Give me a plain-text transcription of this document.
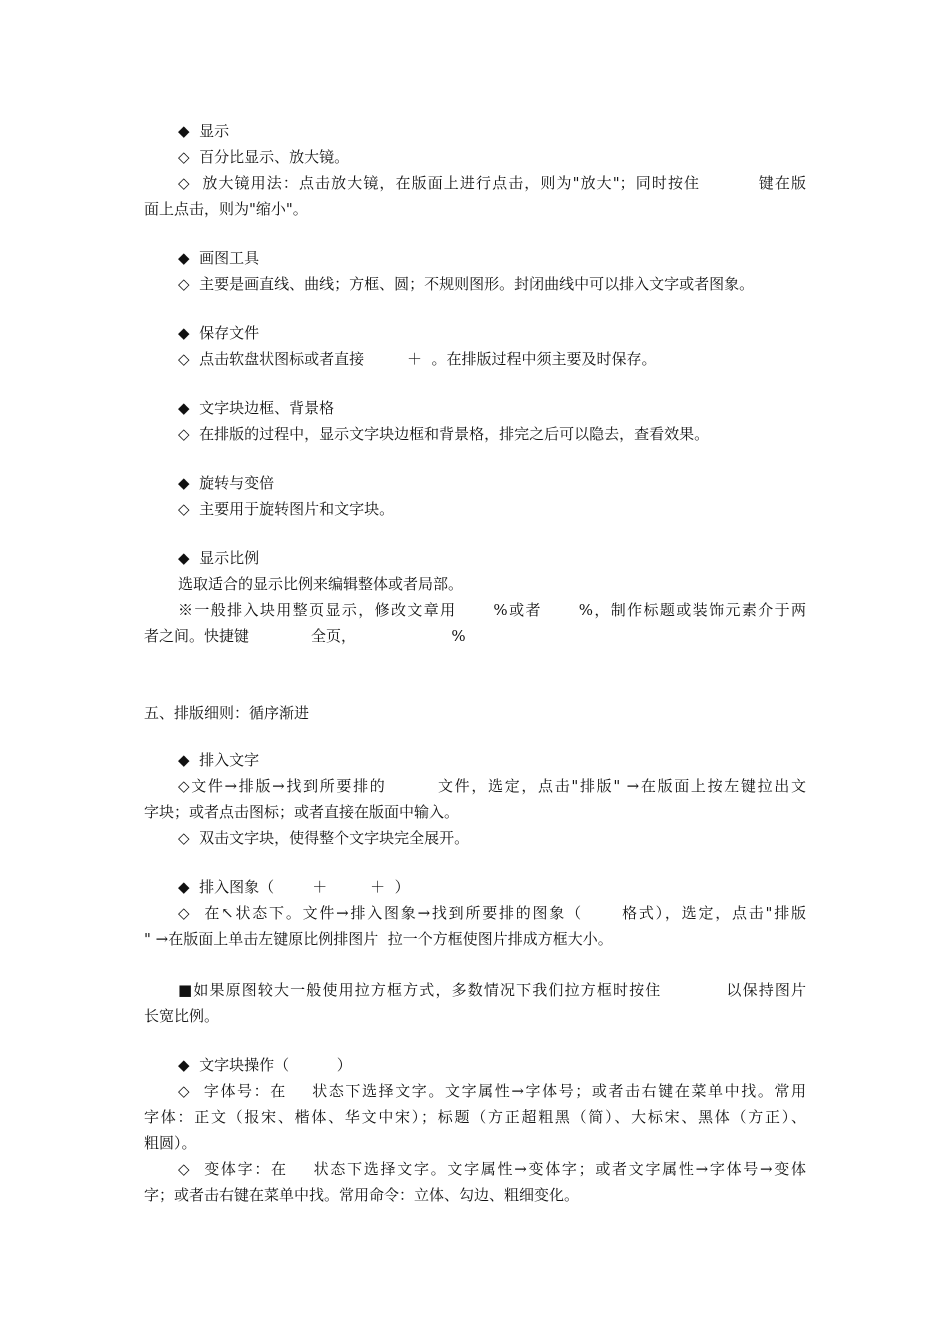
◆  显示
◇  百分比显示、放大镜。
◇  放大镜用法：点击放大镜，在版面上进行点击，则为"放大"；同时按住          键在版
面上点击，则为"缩小"。
◆  画图工具
◇  主要是画直线、曲线；方框、圆；不规则图形。封闭曲线中可以排入文字或者图象。
◆  保存文件
◇  点击软盘状图标或者直接         ＋  。在排版过程中须主要及时保存。
◆  文字块边框、背景格
◇  在排版的过程中，显示文字块边框和背景格，排完之后可以隐去，查看效果。
◆  旋转与变倍
◇  主要用于旋转图片和文字块。
◆  显示比例
选取适合的显示比例来编辑整体或者局部。
※一般排入块用整页显示，修改文章用      %或者      %，制作标题或装饰元素介于两
者之间。快捷键             全页，                    %
五、排版细则：循序渐进
◆  排入文字
◇文件→排版→找到所要排的        文件，选定，点击"排版" →在版面上按左键拉出文
字块；或者点击图标；或者直接在版面中输入。
◇  双击文字块，使得整个文字块完全展开。
◆  排入图象（        ＋         ＋  ）
◇  在↖状态下。文件→排入图象→找到所要排的图象（      格式），选定，点击"排版
" →在版面上单击左键原比例排图片  拉一个方框使图片排成方框大小。
■如果原图较大一般使用拉方框方式，多数情况下我们拉方框时按住           以保持图片
长宽比例。
◆  文字块操作（          ）
◇  字体号：在    状态下选择文字。文字属性→字体号；或者击右键在菜单中找。常用
字体：正文（报宋、楷体、华文中宋）；标题（方正超粗黑（简）、大标宋、黑体（方正）、
粗圆）。
◇  变体字：在    状态下选择文字。文字属性→变体字；或者文字属性→字体号→变体
字；或者击右键在菜单中找。常用命令：立体、勾边、粗细变化。
